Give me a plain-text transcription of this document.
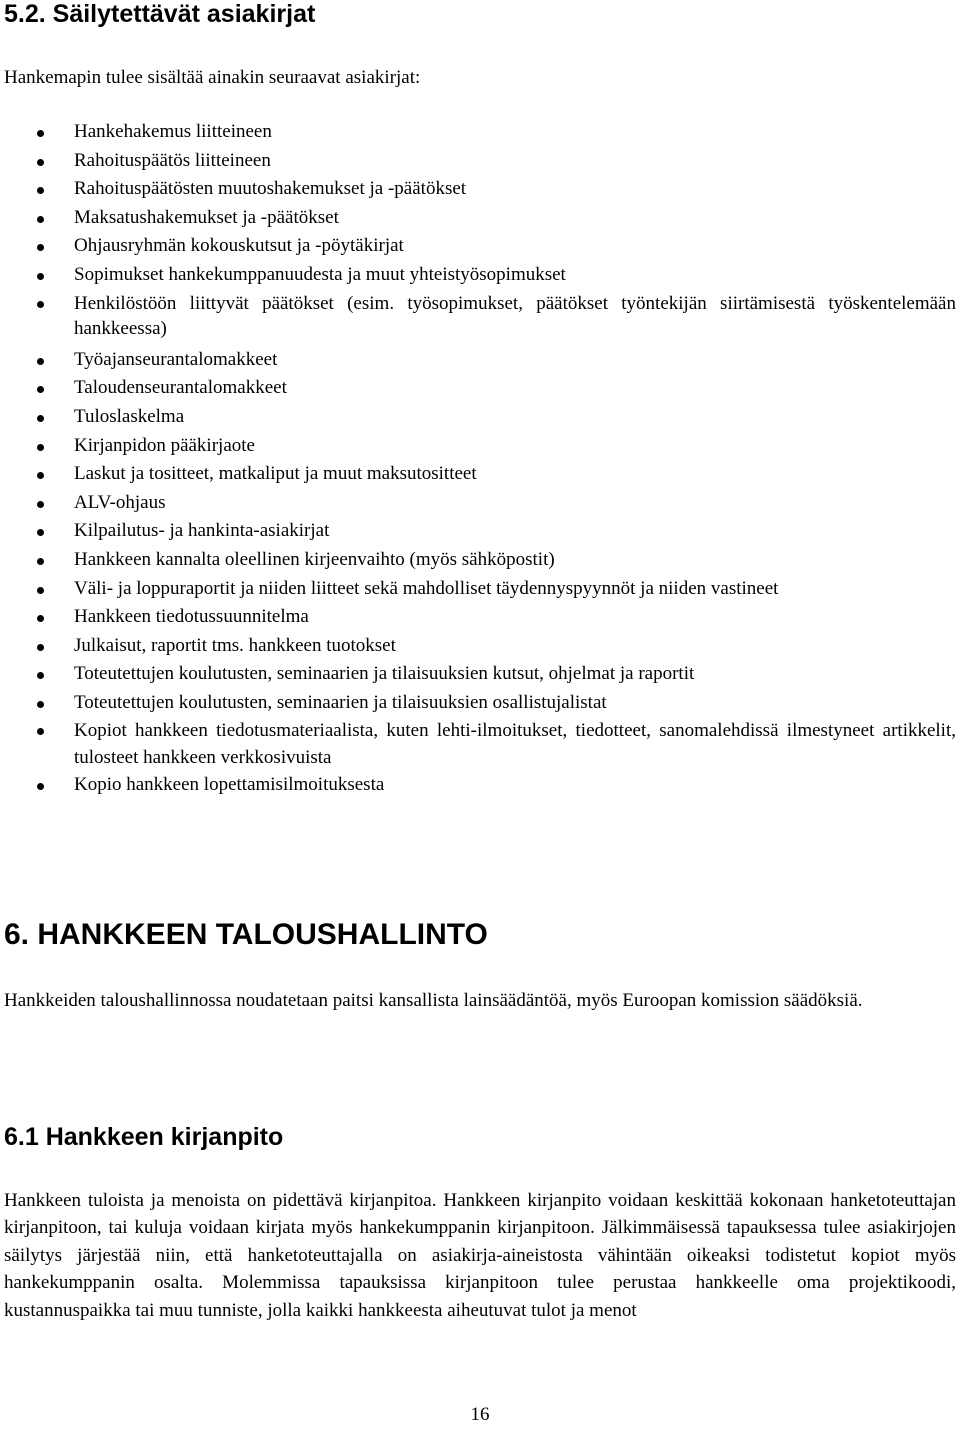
5.2. Säilytettävät asiakirjat

Hankemapin tulee sisältää ainakin seuraavat asiakirjat:

Hankehakemus liitteineen
Rahoituspäätös liitteineen
Rahoituspäätösten muutoshakemukset ja -päätökset
Maksatushakemukset ja -päätökset
Ohjausryhmän kokouskutsut ja -pöytäkirjat
Sopimukset hankekumppanuudesta ja muut yhteistyösopimukset
Henkilöstöön liittyvät päätökset (esim. työsopimukset, päätökset työntekijän siirtämisestä työskentelemään hankkeessa)
Työajanseurantalomakkeet
Taloudenseurantalomakkeet
Tuloslaskelma
Kirjanpidon pääkirjaote
Laskut ja tositteet, matkaliput ja muut maksutositteet
ALV-ohjaus
Kilpailutus- ja hankinta-asiakirjat
Hankkeen kannalta oleellinen kirjeenvaihto (myös sähköpostit)
Väli- ja loppuraportit ja niiden liitteet sekä mahdolliset täydennyspyynnöt ja niiden vastineet
Hankkeen tiedotussuunnitelma
Julkaisut, raportit tms. hankkeen tuotokset
Toteutettujen koulutusten, seminaarien ja tilaisuuksien kutsut, ohjelmat ja raportit
Toteutettujen koulutusten, seminaarien ja tilaisuuksien osallistujalistat
Kopiot hankkeen tiedotusmateriaalista, kuten lehti-ilmoitukset, tiedotteet, sanomalehdissä ilmestyneet artikkelit, tulosteet hankkeen verkkosivuista
Kopio hankkeen lopettamisilmoituksesta
6. HANKKEEN TALOUSHALLINTO

Hankkeiden taloushallinnossa noudatetaan paitsi kansallista lainsäädäntöä, myös Euroopan komission säädöksiä.

6.1 Hankkeen kirjanpito

Hankkeen tuloista ja menoista on pidettävä kirjanpitoa. Hankkeen kirjanpito voidaan keskittää kokonaan hanketoteuttajan kirjanpitoon, tai kuluja voidaan kirjata myös hankekumppanin kirjanpitoon. Jälkimmäisessä tapauksessa tulee asiakirjojen säilytys järjestää niin, että hanketoteuttajalla on asiakirja-aineistosta vähintään oikeaksi todistetut kopiot myös hankekumppanin osalta. Molemmissa tapauksissa kirjanpitoon tulee perustaa hankkeelle oma projektikoodi, kustannuspaikka tai muu tunniste, jolla kaikki hankkeesta aiheutuvat tulot ja menot

16
